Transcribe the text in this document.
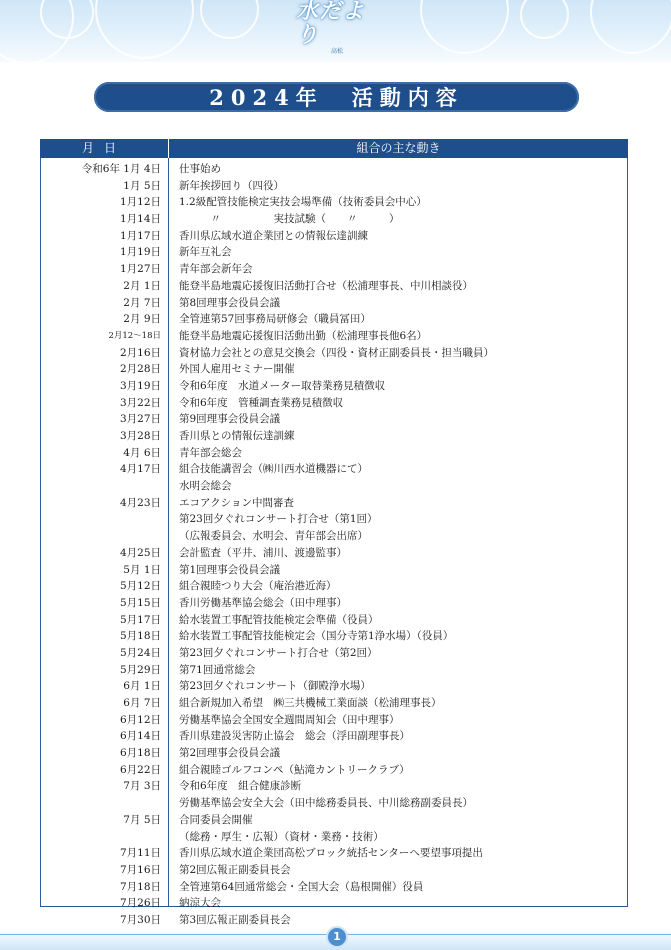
水だより
高松
2024年　活動内容
月日	組合の主な動き
令和6年 1月 4日	仕事始め
1月 5日	新年挨拶回り（四役）
1月12日	1.2級配管技能検定実技会場準備（技術委員会中心）
1月14日	　　　〃　　　　　実技試験（　　〃　　　）
1月17日	香川県広域水道企業団との情報伝達訓練
1月19日	新年互礼会
1月27日	青年部会新年会
2月 1日	能登半島地震応援復旧活動打合せ（松浦理事長、中川相談役）
2月 7日	第8回理事会役員会議
2月 9日	全管連第57回事務局研修会（職員冨田）
2月12～18日	能登半島地震応援復旧活動出勤（松浦理事長他6名）
2月16日	資材協力会社との意見交換会（四役・資材正副委員長・担当職員）
2月28日	外国人雇用セミナー開催
3月19日	令和6年度　水道メーター取替業務見積徴収
3月22日	令和6年度　管種調査業務見積徴収
3月27日	第9回理事会役員会議
3月28日	香川県との情報伝達訓練
4月 6日	青年部会総会
4月17日	組合技能講習会（㈱川西水道機器にて）
水明会総会
4月23日	エコアクション中間審査
第23回夕ぐれコンサート打合せ（第1回）
（広報委員会、水明会、青年部会出席）
4月25日	会計監査（平井、浦川、渡邊監事）
5月 1日	第1回理事会役員会議
5月12日	組合親睦つり大会（庵治港近海）
5月15日	香川労働基準協会総会（田中理事）
5月17日	給水装置工事配管技能検定会準備（役員）
5月18日	給水装置工事配管技能検定会（国分寺第1浄水場）（役員）
5月24日	第23回夕ぐれコンサート打合せ（第2回）
5月29日	第71回通常総会
6月 1日	第23回夕ぐれコンサート（御殿浄水場）
6月 7日	組合新規加入希望　㈱三共機械工業面談（松浦理事長）
6月12日	労働基準協会全国安全週間周知会（田中理事）
6月14日	香川県建設災害防止協会　総会（浮田副理事長）
6月18日	第2回理事会役員会議
6月22日	組合親睦ゴルフコンペ（鮎滝カントリークラブ）
7月 3日	令和6年度　組合健康診断
労働基準協会安全大会（田中総務委員長、中川総務副委員長）
7月 5日	合同委員会開催
（総務・厚生・広報）（資材・業務・技術）
7月11日	香川県広域水道企業団高松ブロック統括センターへ要望事項提出
7月16日	第2回広報正副委員長会
7月18日	全管連第64回通常総会・全国大会（島根開催）役員
7月26日	納涼大会
7月30日	第3回広報正副委員長会
1
